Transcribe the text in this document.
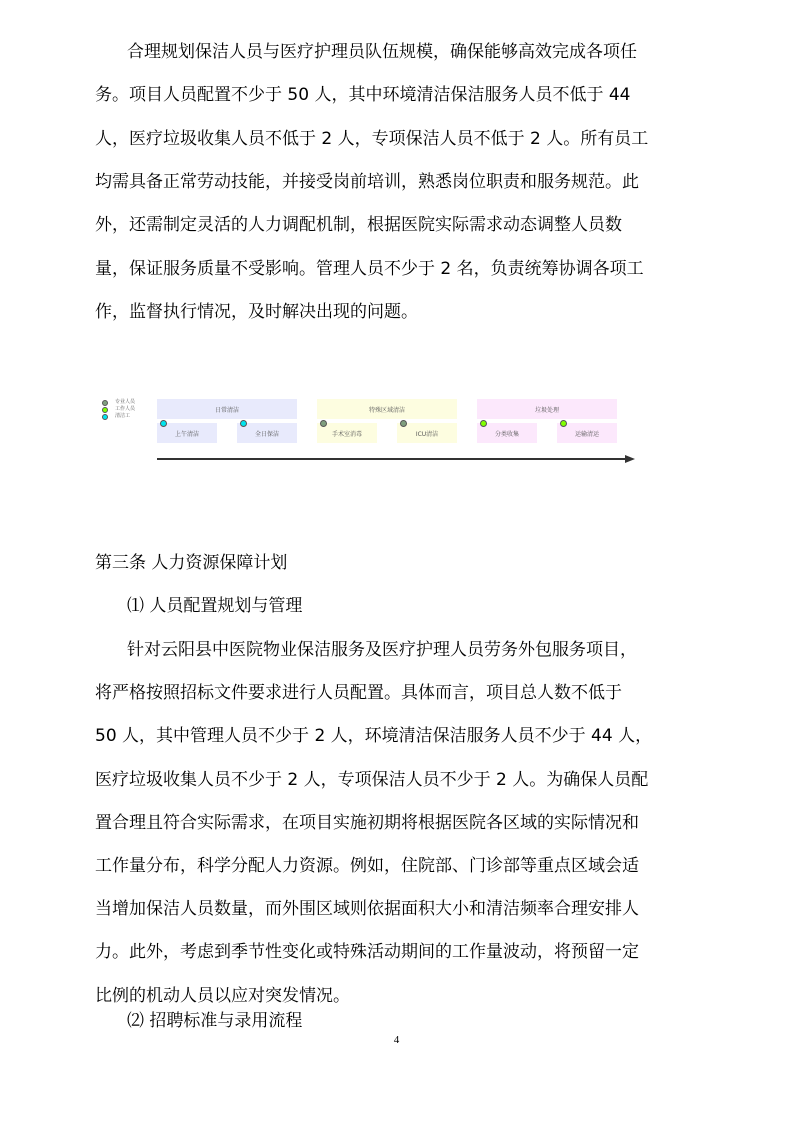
合理规划保洁人员与医疗护理员队伍规模，确保能够高效完成各项任
务。项目人员配置不少于 50 人，其中环境清洁保洁服务人员不低于 44
人，医疗垃圾收集人员不低于 2 人，专项保洁人员不低于 2 人。所有员工
均需具备正常劳动技能，并接受岗前培训，熟悉岗位职责和服务规范。此
外，还需制定灵活的人力调配机制，根据医院实际需求动态调整人员数
量，保证服务质量不受影响。管理人员不少于 2 名，负责统筹协调各项工
作，监督执行情况，及时解决出现的问题。
专业人员
工作人员
清洁工
日常清洁
上午清洁	全日保洁
特殊区域清洁
手术室消毒	ICU清洁
垃圾处理
分类收集	运输清运
第三条 人力资源保障计划
⑴ 人员配置规划与管理
针对云阳县中医院物业保洁服务及医疗护理人员劳务外包服务项目，
将严格按照招标文件要求进行人员配置。具体而言，项目总人数不低于
50 人，其中管理人员不少于 2 人，环境清洁保洁服务人员不少于 44 人，
医疗垃圾收集人员不少于 2 人，专项保洁人员不少于 2 人。为确保人员配
置合理且符合实际需求，在项目实施初期将根据医院各区域的实际情况和
工作量分布，科学分配人力资源。例如，住院部、门诊部等重点区域会适
当增加保洁人员数量，而外围区域则依据面积大小和清洁频率合理安排人
力。此外，考虑到季节性变化或特殊活动期间的工作量波动，将预留一定
比例的机动人员以应对突发情况。
⑵ 招聘标准与录用流程
4
